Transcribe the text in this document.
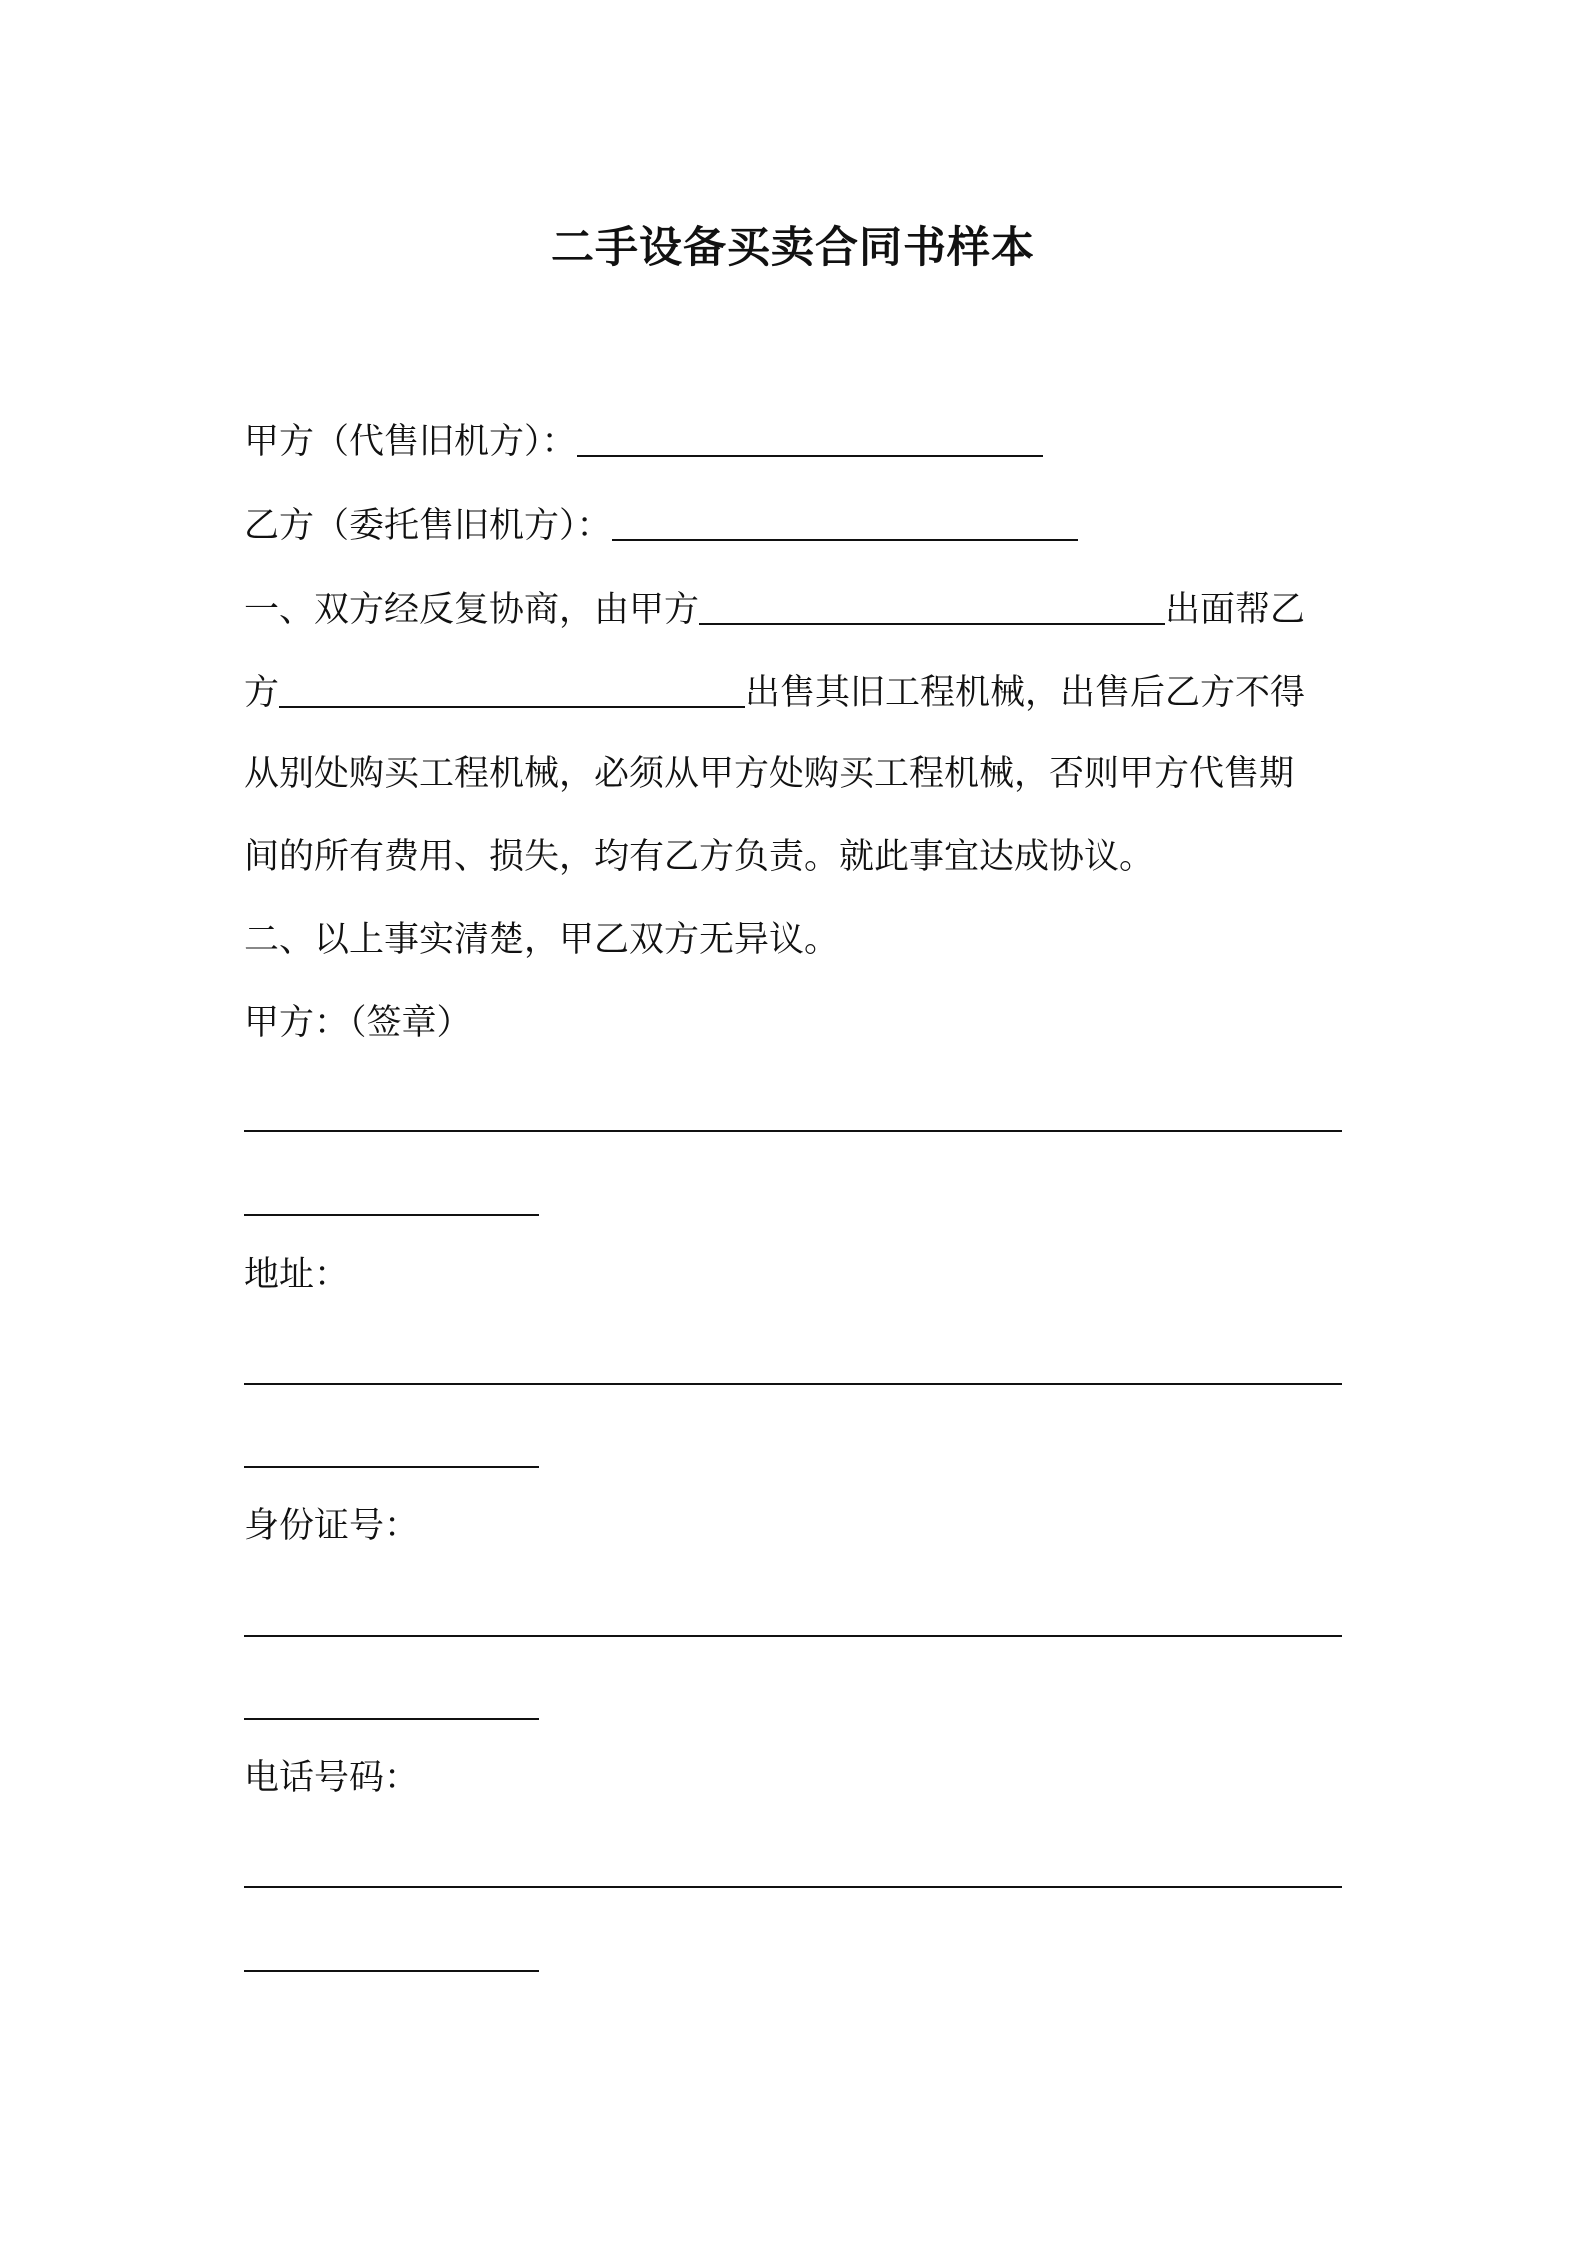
二手设备买卖合同书样本
甲方（代售旧机方）：
乙方（委托售旧机方）：
一、双方经反复协商，由甲方	出面帮乙
方	出售其旧工程机械，出售后乙方不得
从别处购买工程机械，必须从甲方处购买工程机械，否则甲方代售期
间的所有费用、损失，均有乙方负责。就此事宜达成协议。
二、以上事实清楚，甲乙双方无异议。
甲方：（签章）
地址：
身份证号：
电话号码：
